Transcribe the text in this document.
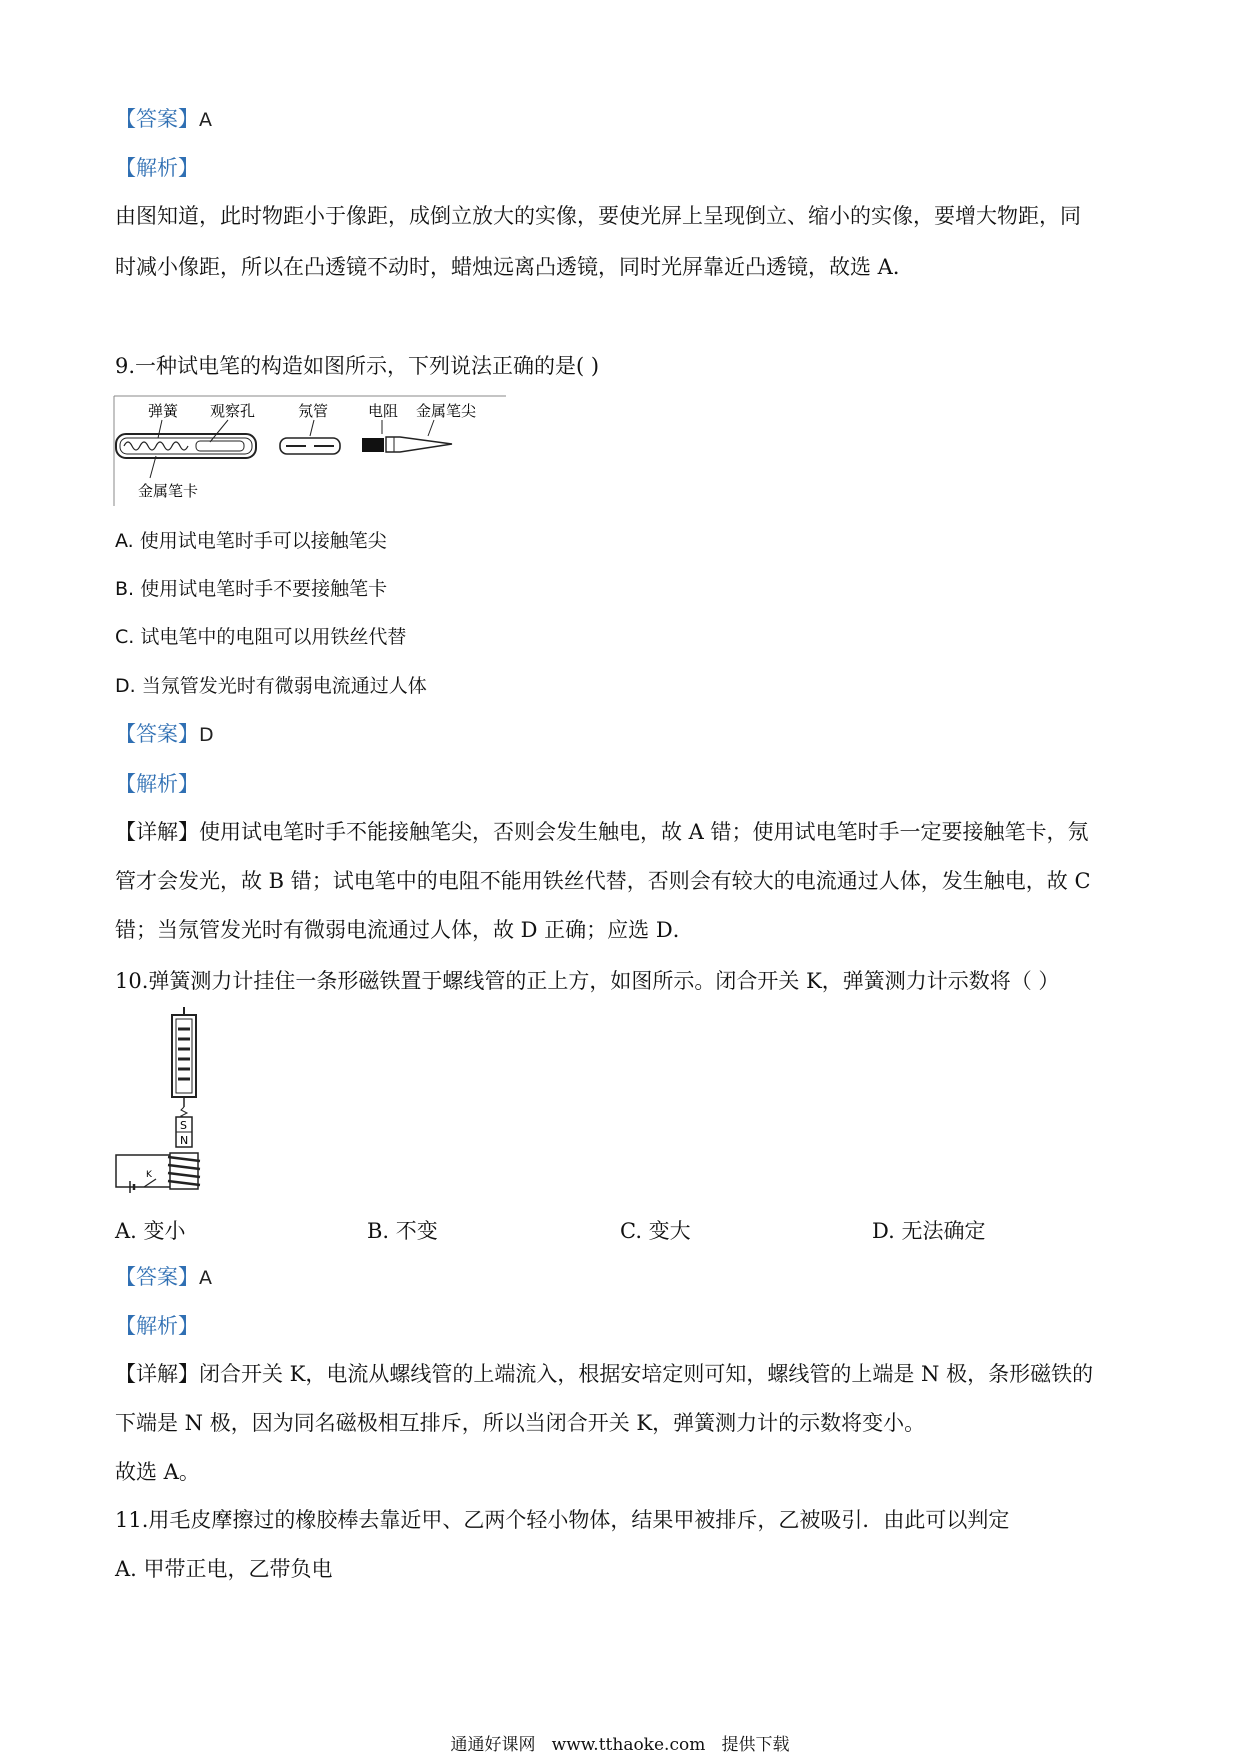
【答案】A

【解析】

由图知道，此时物距小于像距，成倒立放大的实像，要使光屏上呈现倒立、缩小的实像，要增大物距，同

时减小像距，所以在凸透镜不动时，蜡烛远离凸透镜，同时光屏靠近凸透镜，故选 A．

9.一种试电笔的构造如图所示，下列说法正确的是( )

弹簧 观察孔	氖管	电阻 金属笔尖
金属笔卡

A. 使用试电笔时手可以接触笔尖

B. 使用试电笔时手不要接触笔卡

C. 试电笔中的电阻可以用铁丝代替

D. 当氖管发光时有微弱电流通过人体

【答案】D

【解析】

【详解】使用试电笔时手不能接触笔尖，否则会发生触电，故 A 错；使用试电笔时手一定要接触笔卡，氖

管才会发光，故 B 错；试电笔中的电阻不能用铁丝代替，否则会有较大的电流通过人体，发生触电，故 C

错；当氖管发光时有微弱电流通过人体，故 D 正确；应选 D．

10.弹簧测力计挂住一条形磁铁置于螺线管的正上方，如图所示。闭合开关 K，弹簧测力计示数将（ ）

S
N
K

A. 变小	B. 不变	C. 变大	D. 无法确定

【答案】A

【解析】

【详解】闭合开关 K，电流从螺线管的上端流入，根据安培定则可知，螺线管的上端是 N 极，条形磁铁的

下端是 N 极，因为同名磁极相互排斥，所以当闭合开关 K，弹簧测力计的示数将变小。

故选 A。

11.用毛皮摩擦过的橡胶棒去靠近甲、乙两个轻小物体，结果甲被排斥，乙被吸引．由此可以判定

A. 甲带正电，乙带负电

通通好课网   www.tthaoke.com   提供下载
